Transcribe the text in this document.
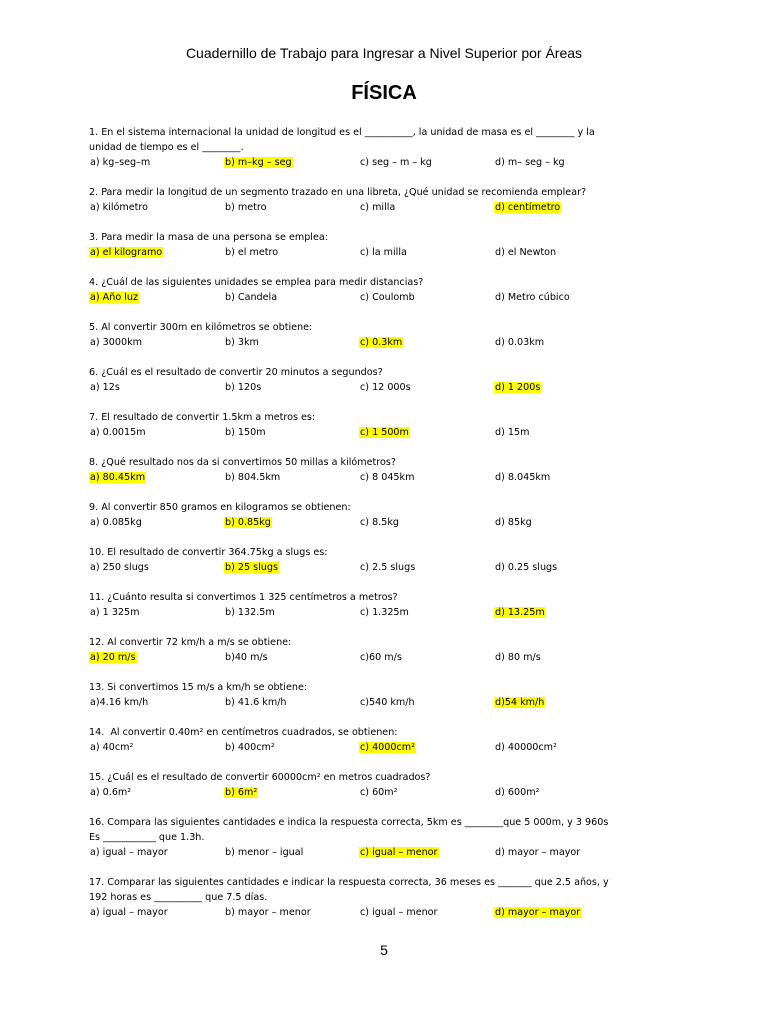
Cuadernillo de Trabajo para Ingresar a Nivel Superior por Áreas
FÍSICA
1. En el sistema internacional la unidad de longitud es el __________, la unidad de masa es el ________ y la
unidad de tiempo es el ________.
a) kg–seg–m	b) m–kg – seg	c) seg – m – kg	d) m– seg – kg
2. Para medir la longitud de un segmento trazado en una libreta, ¿Qué unidad se recomienda emplear?
a) kilómetro	b) metro	c) milla	d) centímetro
3. Para medir la masa de una persona se emplea:
a) el kilogramo	b) el metro	c) la milla	d) el Newton
4. ¿Cuál de las siguientes unidades se emplea para medir distancias?
a) Año luz	b) Candela	c) Coulomb	d) Metro cúbico
5. Al convertir 300m en kilómetros se obtiene:
a) 3000km	b) 3km	c) 0.3km	d) 0.03km
6. ¿Cuál es el resultado de convertir 20 minutos a segundos?
a) 12s	b) 120s	c) 12 000s	d) 1 200s
7. El resultado de convertir 1.5km a metros es:
a) 0.0015m	b) 150m	c) 1 500m	d) 15m
8. ¿Qué resultado nos da si convertimos 50 millas a kilómetros?
a) 80.45km	b) 804.5km	c) 8 045km	d) 8.045km
9. Al convertir 850 gramos en kilogramos se obtienen:
a) 0.085kg	b) 0.85kg	c) 8.5kg	d) 85kg
10. El resultado de convertir 364.75kg a slugs es:
a) 250 slugs	b) 25 slugs	c) 2.5 slugs	d) 0.25 slugs
11. ¿Cuánto resulta si convertimos 1 325 centímetros a metros?
a) 1 325m	b) 132.5m	c) 1.325m	d) 13.25m
12. Al convertir 72 km/h a m/s se obtiene:
a) 20 m/s	b)40 m/s	c)60 m/s	d) 80 m/s
13. Si convertimos 15 m/s a km/h se obtiene:
a)4.16 km/h	b) 41.6 km/h	c)540 km/h	d)54 km/h
14.  Al convertir 0.40m² en centímetros cuadrados, se obtienen:
a) 40cm²	b) 400cm²	c) 4000cm²	d) 40000cm²
15. ¿Cuál es el resultado de convertir 60000cm² en metros cuadrados?
a) 0.6m²	b) 6m²	c) 60m²	d) 600m²
16. Compara las siguientes cantidades e indica la respuesta correcta, 5km es ________que 5 000m, y 3 960s
Es ___________ que 1.3h.
a) igual – mayor	b) menor – igual	c) igual – menor	d) mayor – mayor
17. Comparar las siguientes cantidades e indicar la respuesta correcta, 36 meses es _______ que 2.5 años, y
192 horas es __________ que 7.5 días.
a) igual – mayor	b) mayor – menor	c) igual – menor	d) mayor – mayor
5
